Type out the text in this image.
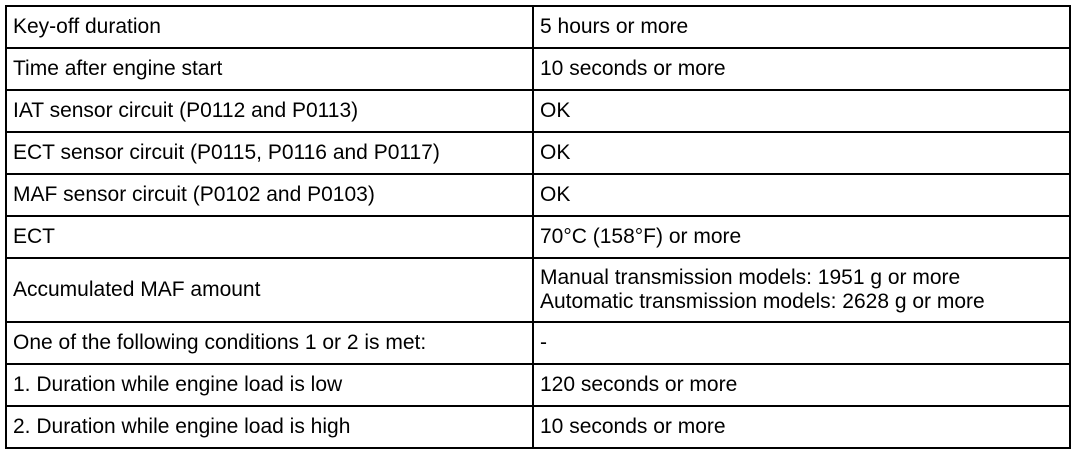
Key-off duration	5 hours or more

Time after engine start	10 seconds or more

IAT sensor circuit (P0112 and P0113)	OK

ECT sensor circuit (P0115, P0116 and P0117)	OK

MAF sensor circuit (P0102 and P0103)	OK

ECT	70°C (158°F) or more

Accumulated MAF amount	Manual transmission models: 1951 g or more
Automatic transmission models: 2628 g or more

One of the following conditions 1 or 2 is met:	-

1. Duration while engine load is low	120 seconds or more

2. Duration while engine load is high	10 seconds or more
